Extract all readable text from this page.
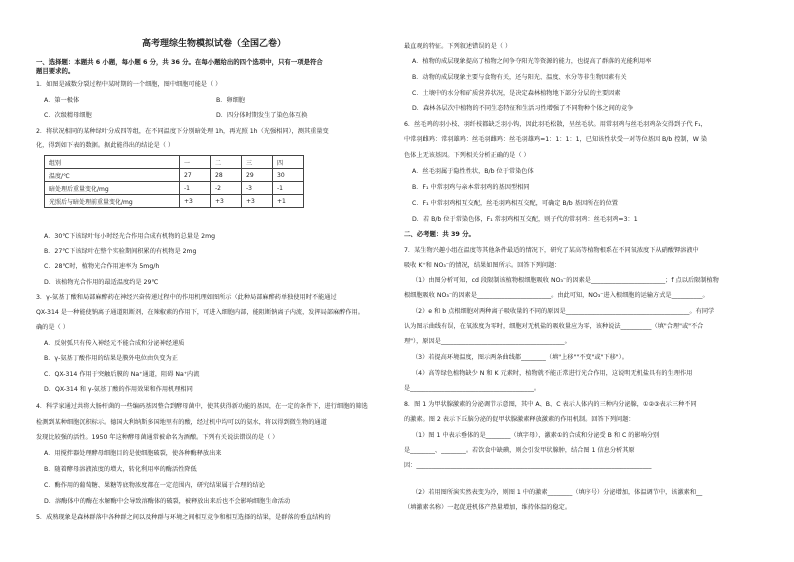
高考理综生物模拟试卷（全国乙卷）
一、选择题：本题共 6 小题，每小题 6 分，共 36 分。在每小题给出的四个选项中，只有一项是符合
题目要求的。
1．如图是减数分裂过程中某时期的一个细胞，图中细胞可能是（ ）
A．第一极体	B．卵细胞
C．次级精母细胞	D．四分体时期发生了染色体互换
2．将状况相同的某种绿叶分成四等组，在不同温度下分别暗处理 1h，再光照 1h（光强相同），测其重量变
化，得到如下表的数据。据此能得出的结论是（ ）
组别	一	二	三	四
温度/℃	27	28	29	30
暗处理后重量变化/mg	-1	-2	-3	-1
光照后与暗处理前重量变化/mg	+3	+3	+3	+1
A．30℃下该绿叶每小时经光合作用合成有机物的总量是 2mg
B．27℃下该绿叶在整个实验期间积累的有机物是 2mg
C．28℃时，植物光合作用速率为 5mg/h
D．该植物光合作用的最适温度约是 29℃
3．γ-氨基丁酸和局部麻醉药在神经兴奋传递过程中的作用机理如图所示（此种局部麻醉药单独使用时不能通过
QX-314 是一种能使钠离子通道阻断剂，在辣椒素的作用下，可进入细胞内部，能阻断钠离子内流，发挥局部麻醉作用。
确的是（ ）
A．反射弧只有传入神经元不能合成和分泌神经递质
B．γ-氨基丁酸作用的结果是膜外电位由负变为正
C．QX-314 作用于突触后膜的 Na⁺通道，阻碍 Na⁺内流
D．QX-314 和 γ-氨基丁酸的作用效果和作用机理相同
4．科学家通过共将大肠杆菌的一些编码基因整合到酵母菌中，使其获得新功能的基因，在一定的条件下，进行细胞的筛选
检测到某种细胞沉积标示。德国大利纳斯多国地里有的酸，经过机中均可以的氨水，将以得到微生物的通道
发现比较强的活性。1950 年这种酵母菌通常被命名为酒酿。下列有关说法错误的是（ ）
A．用搅拌器处理酵母细胞目的是使细胞破裂，使各种酶释放出来
B．随着酵母溶液浓度的增大，转化利用率的酶活性降低
C．酶作用的葡萄糖、果糖等底物浓度都在一定范围内，研究结果属于合理的结论
D．溶酶体中的酶在水解酶中会导致溶酶体的破裂，被释放出来后也不会影响细胞生命活动
5．成熟现象是森林群落中各种群之间以及种群与环境之间相互竞争和相互选择的结果，是群落的垂直结构的
最直观的特征。下列叙述错误的是（ ）
A．植物的成层现象提高了植物之间争夺阳光等资源的能力，也提高了群落的光能利用率
B．动物的成层现象主要与食物有关，还与阳光、温度、水分等非生物因素有关
C．土壤中的水分和矿质营养状况，是决定森林植物地下部分分层的主要因素
D．森林各层次中植物的不同生态特征和生活习性增强了不同物种个体之间的竞争
6．丝毛鸡的羽小枝、羽纤枝都缺乏羽小钩，因此羽毛松散，呈丝毛状。用常羽鸡与丝毛羽鸡杂交得到子代 F₁，
中常羽雌鸡：常羽雄鸡：丝毛羽雌鸡：丝毛羽雄鸡=1：1：1：1，已知该性状受一对等位基因 B/b 控制，W 染
色体上无该基因。下列相关分析正确的是（ ）
A．丝毛羽属于隐性性状，B/b 位于常染色体
B．F₁ 中常羽鸡与亲本常羽鸡的基因型相同
C．F₁ 中常羽鸡相互交配，丝毛羽鸡相互交配，可确定 B/b 基因所在的位置
D．若 B/b 位于常染色体，F₁ 常羽鸡相互交配，则子代的常羽鸡：丝毛羽鸡=3：1
二、必考题：共 39 分。
7．某生物兴趣小组在温度等其他条件最适的情况下，研究了某高等植物根系在不同氧浓度下从硝酸钾溶液中
吸收 K⁺和 NO₃⁻的情况，结果如图所示。回答下列问题：
（1）由图分析可知，cd 段限制该植物根细胞吸收 NO₃⁻的因素是________________________；f 点以后限制植物
根细胞吸收 NO₃⁻的因素是________________________。由此可知，NO₃⁻进入根细胞的运输方式是__________。
（2）e 和 b 点根细胞对两种离子吸收量的不同的原因是________________________________________。有同学
认为图示曲线有误，在氧浓度为零时，细胞对无机盐的吸收量应为零，该种说法__________（填"合理"或"不合
理"），原因是________________________________________。
（3）若提高环境温度，图示两条曲线都________（填"上移""不变"或"下移"）。
（4）高等绿色植物缺少 N 和 K 元素时，植物就不能正常进行光合作用，这说明无机盐具有的生理作用
是________________________________________。
8．图 1 为甲状腺激素的分泌调节示意图，其中 A、B、C 表示人体内的三种内分泌腺，①②③表示三种不同
的激素。图 2 表示下丘脑分泌的促甲状腺激素释放激素的作用机制。回答下列问题：
（1）图 1 中表示垂体的是________（填字母），激素①的合成和分泌受 B 和 C 的影响分别
是________、________。若饮食中缺碘，则会引发甲状腺肿，结合图 1 信息分析其原
因：____________________________________________________________________________
（2）若用图所演实然表变为冷，则图 1 中的激素________（填序号）分泌增加，体温调节中，该激素和__
（填激素名称）一起促进机体产热量增加，维持体温的稳定。
